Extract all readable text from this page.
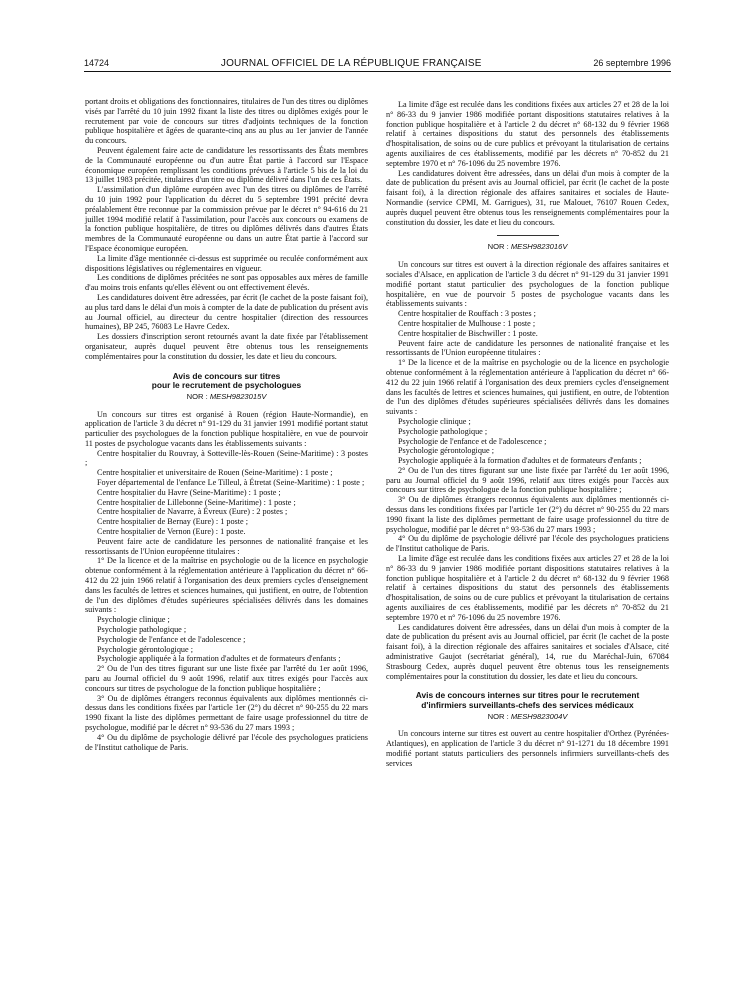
14724	JOURNAL OFFICIEL DE LA RÉPUBLIQUE FRANÇAISE	26 septembre 1996

portant droits et obligations des fonctionnaires, titulaires de l'un des titres ou diplômes visés par l'arrêté du 10 juin 1992 fixant la liste des titres ou diplômes exigés pour le recrutement par voie de concours sur titres d'adjoints techniques de la fonction publique hospitalière et âgées de quarante-cinq ans au plus au 1er janvier de l'année du concours.

Peuvent également faire acte de candidature les ressortissants des États membres de la Communauté européenne ou d'un autre État partie à l'accord sur l'Espace économique européen remplissant les conditions prévues à l'article 5 bis de la loi du 13 juillet 1983 précitée, titulaires d'un titre ou diplôme délivré dans l'un de ces États.

L'assimilation d'un diplôme européen avec l'un des titres ou diplômes de l'arrêté du 10 juin 1992 pour l'application du décret du 5 septembre 1991 précité devra préalablement être reconnue par la commission prévue par le décret n° 94-616 du 21 juillet 1994 modifié relatif à l'assimilation, pour l'accès aux concours ou examens de la fonction publique hospitalière, de titres ou diplômes délivrés dans d'autres États membres de la Communauté européenne ou dans un autre État partie à l'accord sur l'Espace économique européen.

La limite d'âge mentionnée ci-dessus est supprimée ou reculée conformément aux dispositions législatives ou réglementaires en vigueur.

Les conditions de diplômes précitées ne sont pas opposables aux mères de famille d'au moins trois enfants qu'elles élèvent ou ont effectivement élevés.

Les candidatures doivent être adressées, par écrit (le cachet de la poste faisant foi), au plus tard dans le délai d'un mois à compter de la date de publication du présent avis au Journal officiel, au directeur du centre hospitalier (direction des ressources humaines), BP 245, 76083 Le Havre Cedex.

Les dossiers d'inscription seront retournés avant la date fixée par l'établissement organisateur, auprès duquel peuvent être obtenus tous les renseignements complémentaires pour la constitution du dossier, les date et lieu du concours.

Avis de concours sur titres
pour le recrutement de psychologues
NOR : MESH9823015V

Un concours sur titres est organisé à Rouen (région Haute-Normandie), en application de l'article 3 du décret n° 91-129 du 31 janvier 1991 modifié portant statut particulier des psychologues de la fonction publique hospitalière, en vue de pourvoir 11 postes de psychologue vacants dans les établissements suivants :

Centre hospitalier du Rouvray, à Sotteville-lès-Rouen (Seine-Maritime) : 3 postes ;

Centre hospitalier et universitaire de Rouen (Seine-Maritime) : 1 poste ;

Foyer départemental de l'enfance Le Tilleul, à Étretat (Seine-Maritime) : 1 poste ;

Centre hospitalier du Havre (Seine-Maritime) : 1 poste ;

Centre hospitalier de Lillebonne (Seine-Maritime) : 1 poste ;

Centre hospitalier de Navarre, à Évreux (Eure) : 2 postes ;

Centre hospitalier de Bernay (Eure) : 1 poste ;

Centre hospitalier de Vernon (Eure) : 1 poste.

Peuvent faire acte de candidature les personnes de nationalité française et les ressortissants de l'Union européenne titulaires :

1° De la licence et de la maîtrise en psychologie ou de la licence en psychologie obtenue conformément à la réglementation antérieure à l'application du décret n° 66-412 du 22 juin 1966 relatif à l'organisation des deux premiers cycles d'enseignement dans les facultés de lettres et sciences humaines, qui justifient, en outre, de l'obtention de l'un des diplômes d'études supérieures spécialisées délivrés dans les domaines suivants :

Psychologie clinique ;

Psychologie pathologique ;

Psychologie de l'enfance et de l'adolescence ;

Psychologie gérontologique ;

Psychologie appliquée à la formation d'adultes et de formateurs d'enfants ;

2° Ou de l'un des titres figurant sur une liste fixée par l'arrêté du 1er août 1996, paru au Journal officiel du 9 août 1996, relatif aux titres exigés pour l'accès aux concours sur titres de psychologue de la fonction publique hospitalière ;

3° Ou de diplômes étrangers reconnus équivalents aux diplômes mentionnés ci-dessus dans les conditions fixées par l'article 1er (2°) du décret n° 90-255 du 22 mars 1990 fixant la liste des diplômes permettant de faire usage professionnel du titre de psychologue, modifié par le décret n° 93-536 du 27 mars 1993 ;

4° Ou du diplôme de psychologie délivré par l'école des psychologues praticiens de l'Institut catholique de Paris.

La limite d'âge est reculée dans les conditions fixées aux articles 27 et 28 de la loi n° 86-33 du 9 janvier 1986 modifiée portant dispositions statutaires relatives à la fonction publique hospitalière et à l'article 2 du décret n° 68-132 du 9 février 1968 relatif à certaines dispositions du statut des personnels des établissements d'hospitalisation, de soins ou de cure publics et prévoyant la titularisation de certains agents auxiliaires de ces établissements, modifié par les décrets n° 70-852 du 21 septembre 1970 et n° 76-1096 du 25 novembre 1976.

Les candidatures doivent être adressées, dans un délai d'un mois à compter de la date de publication du présent avis au Journal officiel, par écrit (le cachet de la poste faisant foi), à la direction régionale des affaires sanitaires et sociales de Haute-Normandie (service CPMI, M. Garrigues), 31, rue Malouet, 76107 Rouen Cedex, auprès duquel peuvent être obtenus tous les renseignements complémentaires pour la constitution du dossier, les date et lieu du concours.

NOR : MESH9823016V

Un concours sur titres est ouvert à la direction régionale des affaires sanitaires et sociales d'Alsace, en application de l'article 3 du décret n° 91-129 du 31 janvier 1991 modifié portant statut particulier des psychologues de la fonction publique hospitalière, en vue de pourvoir 5 postes de psychologue vacants dans les établissements suivants :

Centre hospitalier de Rouffach : 3 postes ;

Centre hospitalier de Mulhouse : 1 poste ;

Centre hospitalier de Bischwiller : 1 poste.

Peuvent faire acte de candidature les personnes de nationalité française et les ressortissants de l'Union européenne titulaires :

1° De la licence et de la maîtrise en psychologie ou de la licence en psychologie obtenue conformément à la réglementation antérieure à l'application du décret n° 66-412 du 22 juin 1966 relatif à l'organisation des deux premiers cycles d'enseignement dans les facultés de lettres et sciences humaines, qui justifient, en outre, de l'obtention de l'un des diplômes d'études supérieures spécialisées délivrés dans les domaines suivants :

Psychologie clinique ;

Psychologie pathologique ;

Psychologie de l'enfance et de l'adolescence ;

Psychologie gérontologique ;

Psychologie appliquée à la formation d'adultes et de formateurs d'enfants ;

2° Ou de l'un des titres figurant sur une liste fixée par l'arrêté du 1er août 1996, paru au Journal officiel du 9 août 1996, relatif aux titres exigés pour l'accès aux concours sur titres de psychologue de la fonction publique hospitalière ;

3° Ou de diplômes étrangers reconnus équivalents aux diplômes mentionnés ci-dessus dans les conditions fixées par l'article 1er (2°) du décret n° 90-255 du 22 mars 1990 fixant la liste des diplômes permettant de faire usage professionnel du titre de psychologue, modifié par le décret n° 93-536 du 27 mars 1993 ;

4° Ou du diplôme de psychologie délivré par l'école des psychologues praticiens de l'Institut catholique de Paris.

La limite d'âge est reculée dans les conditions fixées aux articles 27 et 28 de la loi n° 86-33 du 9 janvier 1986 modifiée portant dispositions statutaires relatives à la fonction publique hospitalière et à l'article 2 du décret n° 68-132 du 9 février 1968 relatif à certaines dispositions du statut des personnels des établissements d'hospitalisation, de soins ou de cure publics et prévoyant la titularisation de certains agents auxiliaires de ces établissements, modifié par les décrets n° 70-852 du 21 septembre 1970 et n° 76-1096 du 25 novembre 1976.

Les candidatures doivent être adressées, dans un délai d'un mois à compter de la date de publication du présent avis au Journal officiel, par écrit (le cachet de la poste faisant foi), à la direction régionale des affaires sanitaires et sociales d'Alsace, cité administrative Gaujot (secrétariat général), 14, rue du Maréchal-Juin, 67084 Strasbourg Cedex, auprès duquel peuvent être obtenus tous les renseignements complémentaires pour la constitution du dossier, les date et lieu du concours.

Avis de concours internes sur titres pour le recrutement
d'infirmiers surveillants-chefs des services médicaux
NOR : MESH9823004V

Un concours interne sur titres est ouvert au centre hospitalier d'Orthez (Pyrénées-Atlantiques), en application de l'article 3 du décret n° 91-1271 du 18 décembre 1991 modifié portant statuts particuliers des personnels infirmiers surveillants-chefs des services
